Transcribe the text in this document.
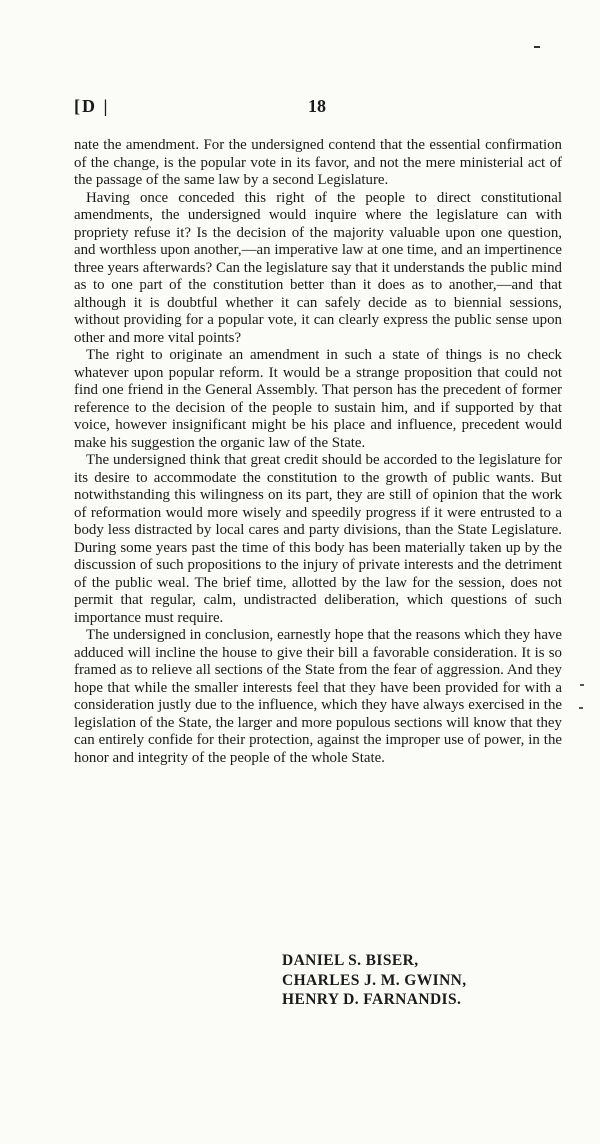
[D |	18

nate the amendment. For the undersigned contend that the essential confirmation of the change, is the popular vote in its favor, and not the mere ministerial act of the passage of the same law by a second Legislature.

Having once conceded this right of the people to direct constitutional amendments, the undersigned would inquire where the legislature can with propriety refuse it? Is the decision of the majority valuable upon one question, and worthless upon another,—an imperative law at one time, and an impertinence three years afterwards? Can the legislature say that it understands the public mind as to one part of the constitution better than it does as to another,—and that although it is doubtful whether it can safely decide as to biennial sessions, without providing for a popular vote, it can clearly express the public sense upon other and more vital points?

The right to originate an amendment in such a state of things is no check whatever upon popular reform. It would be a strange proposition that could not find one friend in the General Assembly. That person has the precedent of former reference to the decision of the people to sustain him, and if supported by that voice, however insignificant might be his place and influence, precedent would make his suggestion the organic law of the State.

The undersigned think that great credit should be accorded to the legislature for its desire to accommodate the constitution to the growth of public wants. But notwithstanding this wilingness on its part, they are still of opinion that the work of reformation would more wisely and speedily progress if it were entrusted to a body less distracted by local cares and party divisions, than the State Legislature. During some years past the time of this body has been materially taken up by the discussion of such propositions to the injury of private interests and the detriment of the public weal. The brief time, allotted by the law for the session, does not permit that regular, calm, undistracted deliberation, which questions of such importance must require.

The undersigned in conclusion, earnestly hope that the reasons which they have adduced will incline the house to give their bill a favorable consideration. It is so framed as to relieve all sections of the State from the fear of aggression. And they hope that while the smaller interests feel that they have been provided for with a consideration justly due to the influence, which they have always exercised in the legislation of the State, the larger and more populous sections will know that they can entirely confide for their protection, against the improper use of power, in the honor and integrity of the people of the whole State.

DANIEL S. BISER,
CHARLES J. M. GWINN,
HENRY D. FARNANDIS.
